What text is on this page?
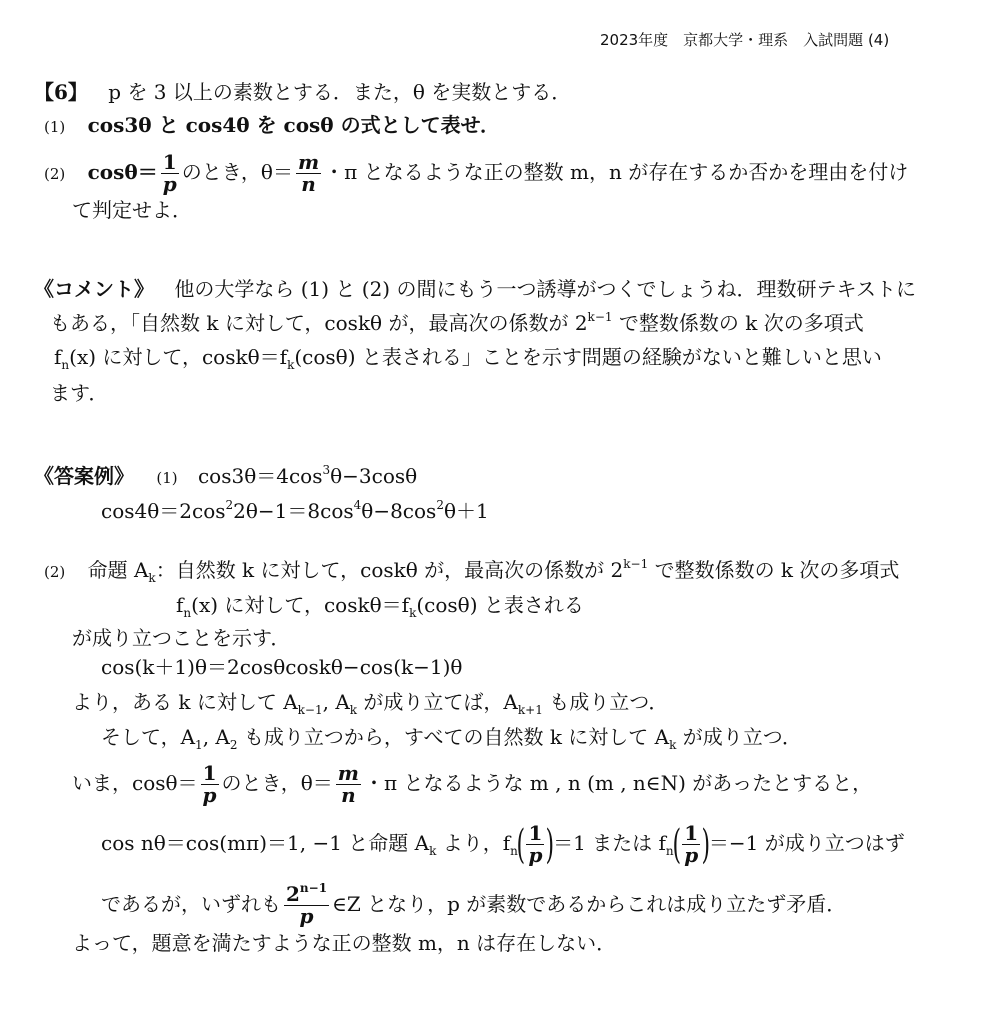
2023年度　京都大学・理系　入試問題 (4)
【6】 p を 3 以上の素数とする．また，θ を実数とする．
(1) cos3θ と cos4θ を cosθ の式として表せ．
(2) $\cos\theta= \frac{1}{p}$ のとき，$\theta= \frac{m}{n}$ ・π となるような正の整数 m，n が存在するか否かを理由を付け
て判定せよ．
《コメント》 他の大学なら (1) と (2) の間にもう一つ誘導がつくでしょうね．理数研テキストに
もある，「自然数 k に対して，coskθ が，最高次の係数が $2^{k-1}$ で整数係数の k 次の多項式
$f_n(x)$ に対して，$\cos k\theta=f_k(\cos\theta)$ と表される」ことを示す問題の経験がないと難しいと思い
ます．
《答案例》 (1) $\cos 3\theta=4\cos^3\theta-3\cos\theta$
$\cos 4\theta=2\cos^22\theta-1=8\cos^4\theta-8\cos^2\theta+1$
(2) 命題 $A_k$：自然数 k に対して，coskθ が，最高次の係数が $2^{k-1}$ で整数係数の k 次の多項式
$f_n(x)$ に対して，$\cos k\theta=f_k(\cos\theta)$ と表される
が成り立つことを示す．
cos(k＋1)θ＝2cosθcoskθ−cos(k−1)θ
より，ある k に対して $A_{k-1}$, $A_k$ が成り立てば，$A_{k+1}$ も成り立つ．
そして，$A_1$, $A_2$ も成り立つから，すべての自然数 k に対して $A_k$ が成り立つ．
いま，$\cos\theta= \frac{1}{p}$ のとき，$\theta= \frac{m}{n}$ ・π となるような m , n (m , n∈N) があったとすると，
cos nθ＝cos(mπ)＝1, −1 と命題 $A_k$ より，$f_n( \frac{1}{p} )=1$ または $f_n( \frac{1}{p} )=-1$ が成り立つはず
であるが，いずれも $\frac{2^{n-1}}{p}$ ∈Z となり，p が素数であるからこれは成り立たず矛盾．
よって，題意を満たすような正の整数 m，n は存在しない．
